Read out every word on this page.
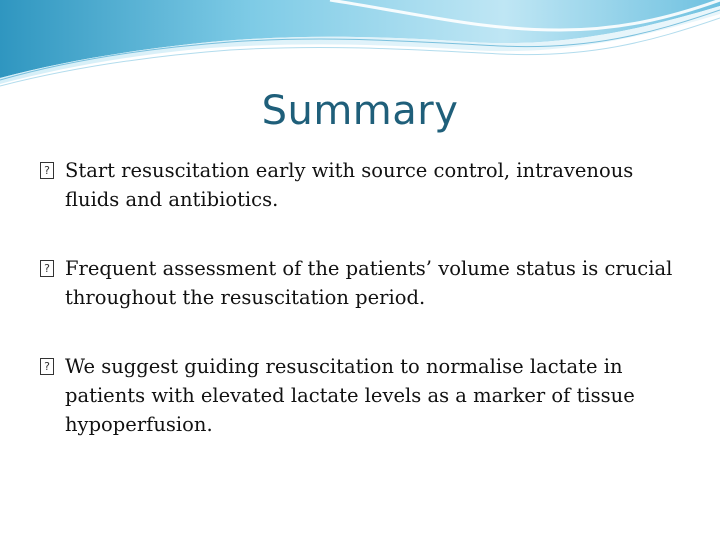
Summary
? Start resuscitation early with source control, intravenous fluids and antibiotics.
? Frequent assessment of the patients’ volume status is crucial throughout the resuscitation period.
? We suggest guiding resuscitation to normalise lactate in patients with elevated lactate levels as a marker of tissue hypoperfusion.
